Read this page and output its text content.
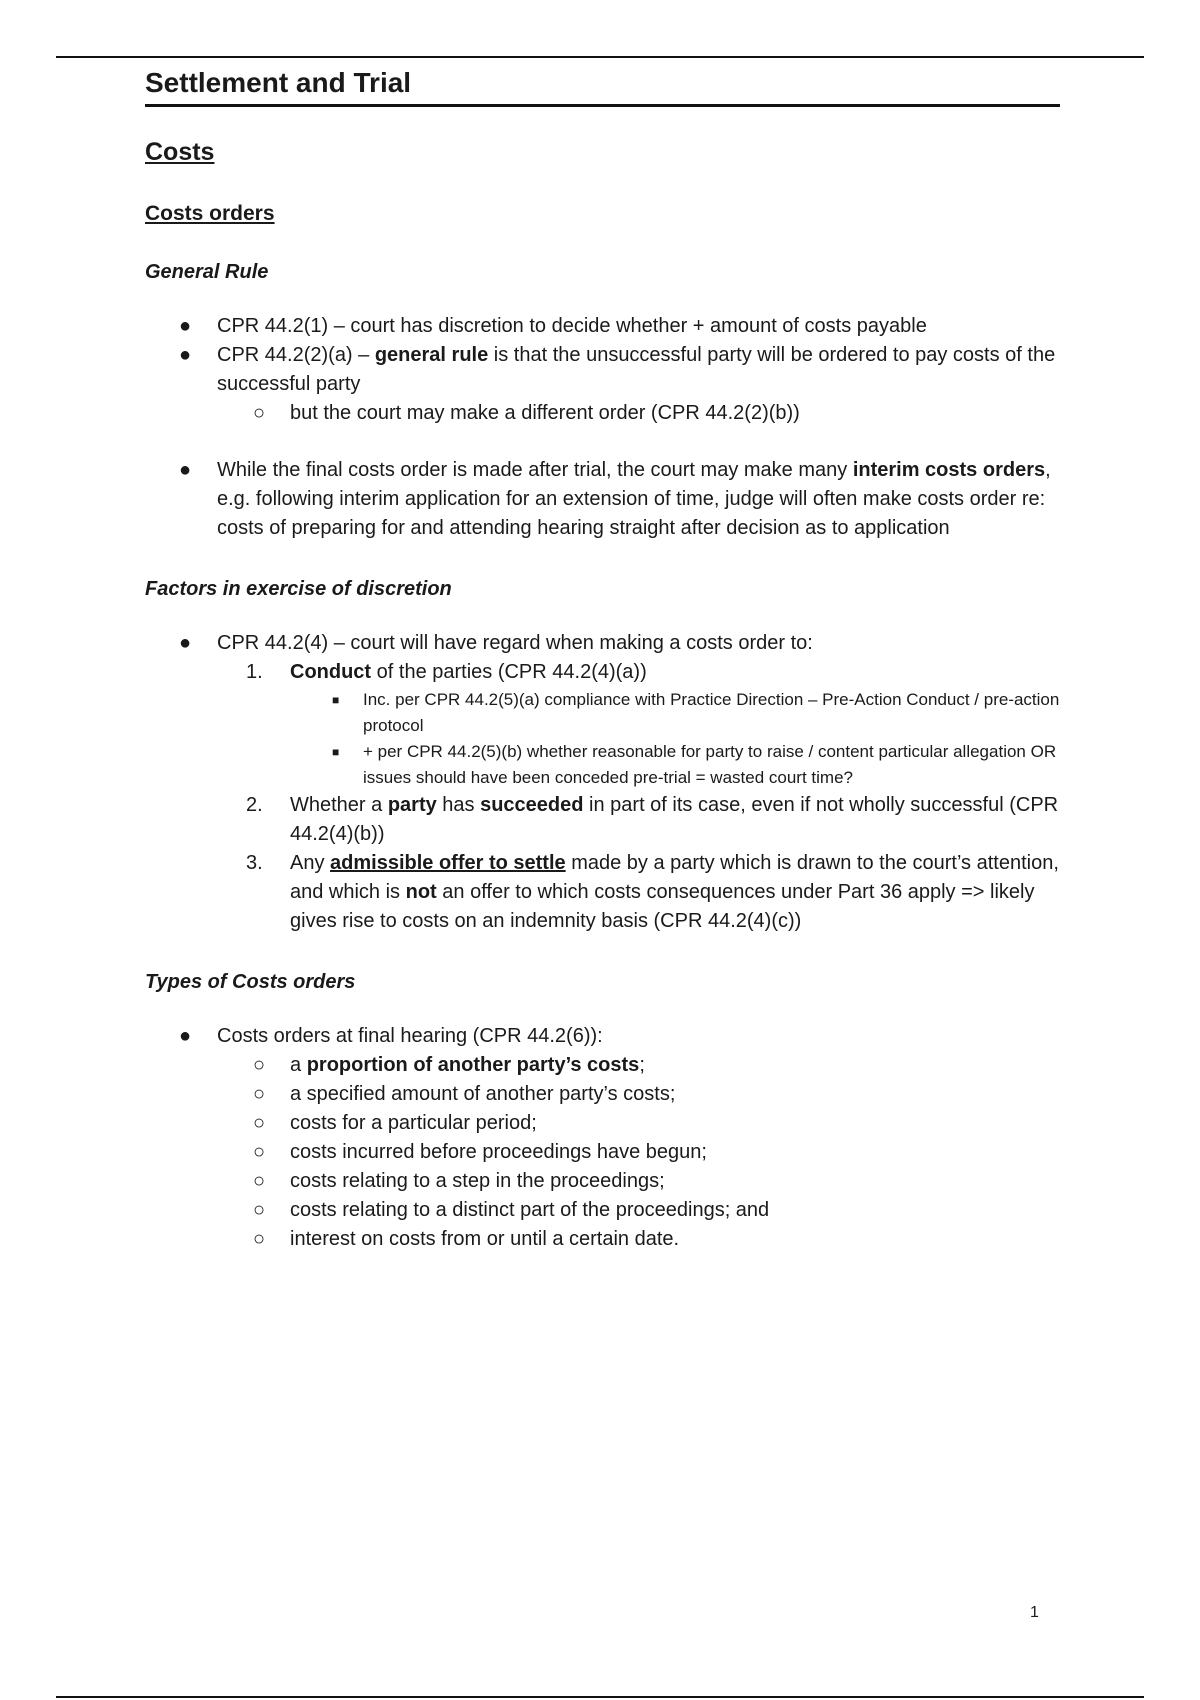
Settlement and Trial
Costs
Costs orders
General Rule
● CPR 44.2(1) – court has discretion to decide whether + amount of costs payable
● CPR 44.2(2)(a) – general rule is that the unsuccessful party will be ordered to pay costs of the successful party
○	but the court may make a different order (CPR 44.2(2)(b))
● While the final costs order is made after trial, the court may make many interim costs orders, e.g. following interim application for an extension of time, judge will often make costs order re: costs of preparing for and attending hearing straight after decision as to application
Factors in exercise of discretion
● CPR 44.2(4) – court will have regard when making a costs order to:
1.	Conduct of the parties (CPR 44.2(4)(a))
■ Inc. per CPR 44.2(5)(a) compliance with Practice Direction – Pre-Action Conduct / pre-action protocol
■ + per CPR 44.2(5)(b) whether reasonable for party to raise / content particular allegation OR issues should have been conceded pre-trial = wasted court time?
2.	Whether a party has succeeded in part of its case, even if not wholly successful (CPR 44.2(4)(b))
3.	Any admissible offer to settle made by a party which is drawn to the court’s attention, and which is not an offer to which costs consequences under Part 36 apply => likely gives rise to costs on an indemnity basis (CPR 44.2(4)(c))
Types of Costs orders
● Costs orders at final hearing (CPR 44.2(6)):
○	a proportion of another party’s costs;
○	a specified amount of another party’s costs;
○	costs for a particular period;
○	costs incurred before proceedings have begun;
○	costs relating to a step in the proceedings;
○	costs relating to a distinct part of the proceedings; and
○	interest on costs from or until a certain date.
1
